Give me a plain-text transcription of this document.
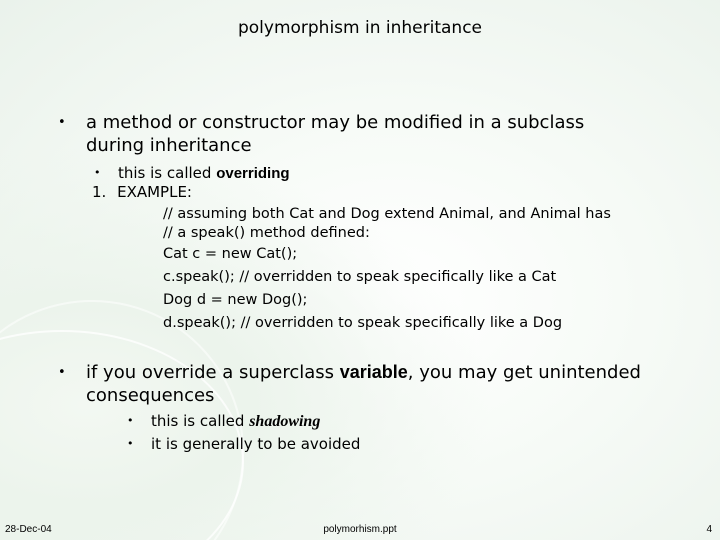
polymorphism in inheritance
• a method or constructor may be modified in a subclass during inheritance
• this is called overriding
1. EXAMPLE:
// assuming both Cat and Dog extend Animal, and Animal has
// a speak() method defined:
Cat c = new Cat();
c.speak(); // overridden to speak specifically like a Cat
Dog d = new Dog();
d.speak(); // overridden to speak specifically like a Dog
• if you override a superclass variable, you may get unintended consequences
• this is called shadowing
• it is generally to be avoided
28-Dec-04	polymorhism.ppt	4
